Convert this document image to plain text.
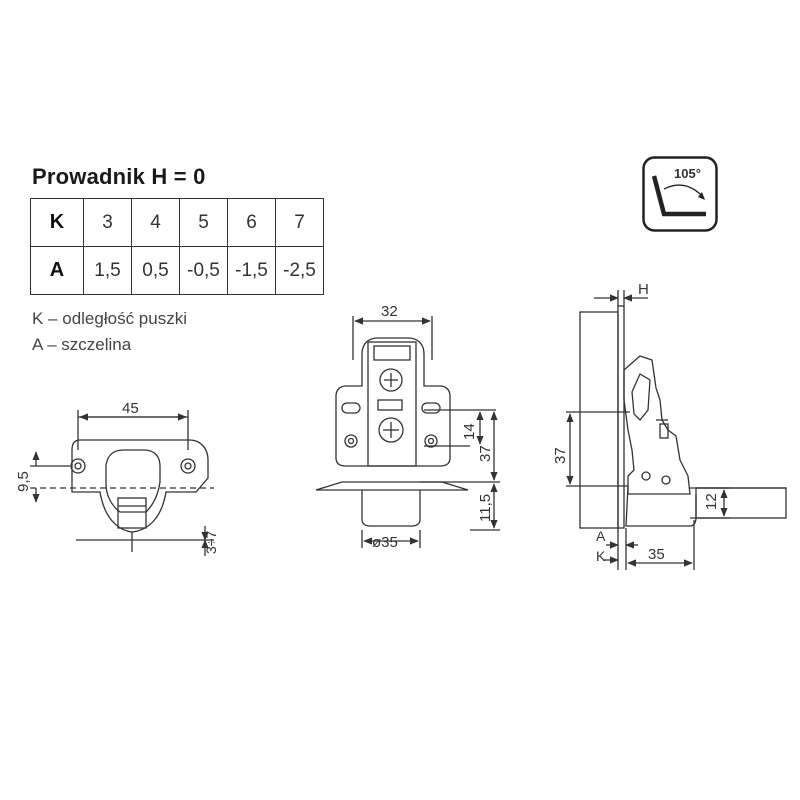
Prowadnik H = 0
K	3	4	5	6	7
A	1,5	0,5	-0,5	-1,5	-2,5
K – odległość puszki
A – szczelina
105°
45
9,5
3÷7
32
14
37
11,5
ø35
H
37
12
A
K	35
